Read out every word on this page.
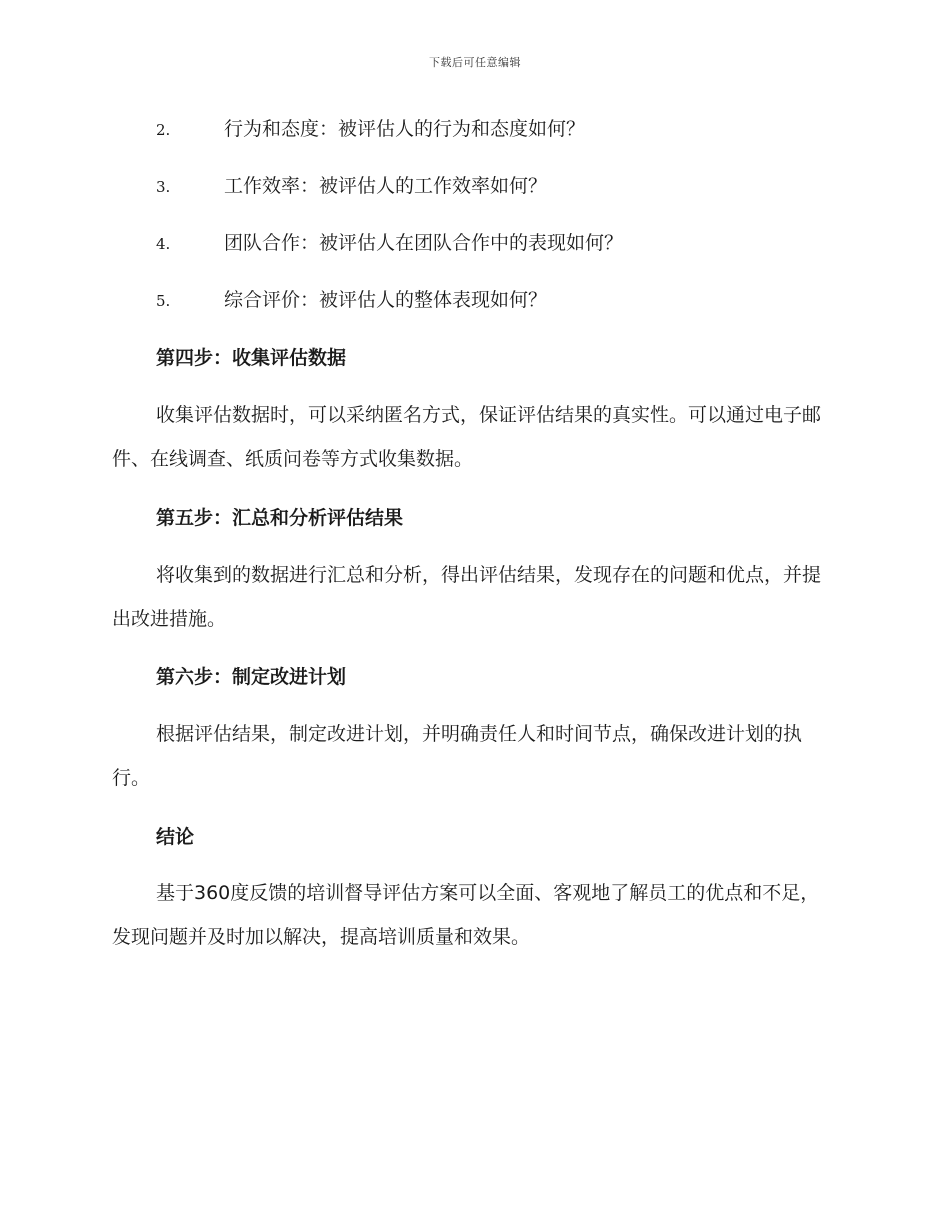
下载后可任意编辑
2.	行为和态度：被评估人的行为和态度如何？
3.	工作效率：被评估人的工作效率如何？
4.	团队合作：被评估人在团队合作中的表现如何？
5.	综合评价：被评估人的整体表现如何？
第四步：收集评估数据

收集评估数据时，可以采纳匿名方式，保证评估结果的真实性。可以通过电子邮件、在线调查、纸质问卷等方式收集数据。

第五步：汇总和分析评估结果

将收集到的数据进行汇总和分析，得出评估结果，发现存在的问题和优点，并提出改进措施。

第六步：制定改进计划

根据评估结果，制定改进计划，并明确责任人和时间节点，确保改进计划的执行。

结论

基于360度反馈的培训督导评估方案可以全面、客观地了解员工的优点和不足，发现问题并及时加以解决，提高培训质量和效果。
